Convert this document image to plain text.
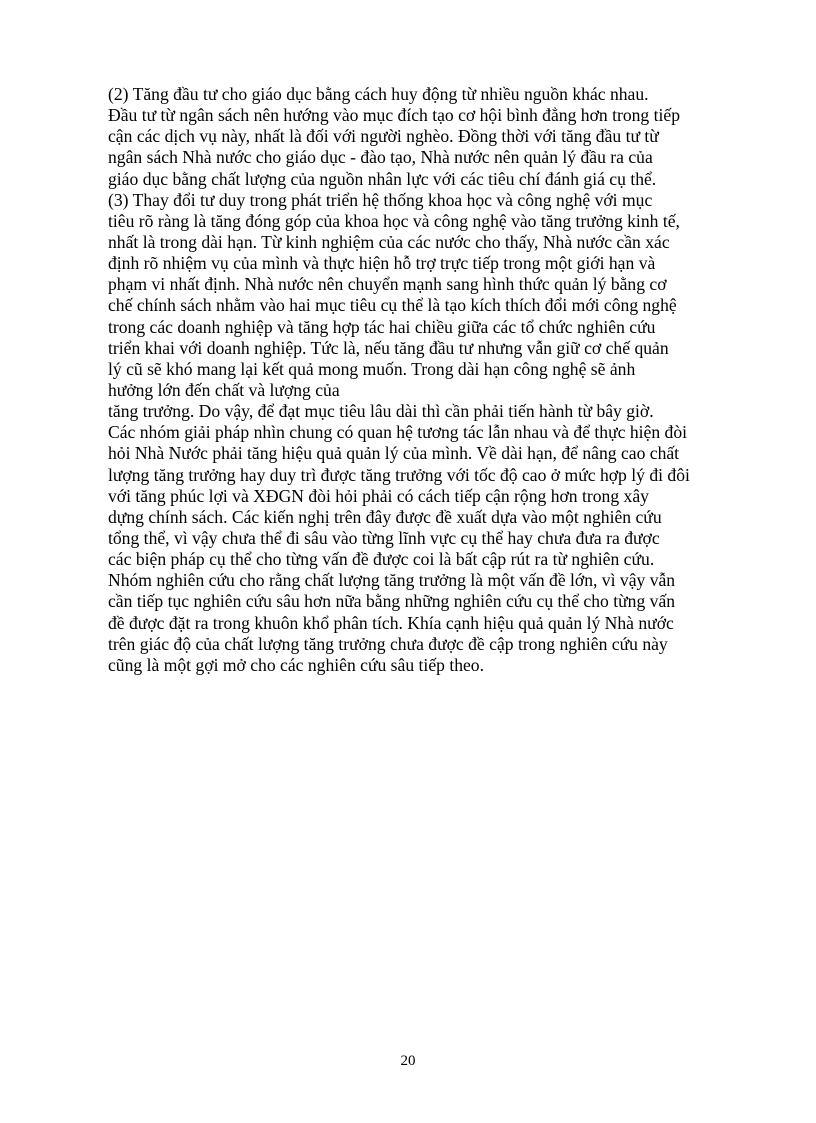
(2) Tăng đầu tư cho giáo dục bằng cách huy động từ nhiều nguồn khác nhau.
Đầu tư từ ngân sách nên hướng vào mục đích tạo cơ hội bình đẳng hơn trong tiếp
cận các dịch vụ này, nhất là đối với người nghèo. Đồng thời với tăng đầu tư từ
ngân sách Nhà nước cho giáo dục - đào tạo, Nhà nước nên quản lý đầu ra của
giáo dục bằng chất lượng của nguồn nhân lực với các tiêu chí đánh giá cụ thể.
(3) Thay đổi tư duy trong phát triển hệ thống khoa học và công nghệ với mục
tiêu rõ ràng là tăng đóng góp của khoa học và công nghệ vào tăng trưởng kinh tế,
nhất là trong dài hạn. Từ kinh nghiệm của các nước cho thấy, Nhà nước cần xác
định rõ nhiệm vụ của mình và thực hiện hỗ trợ trực tiếp trong một giới hạn và
phạm vi nhất định. Nhà nước nên chuyển mạnh sang hình thức quản lý bằng cơ
chế chính sách nhằm vào hai mục tiêu cụ thể là tạo kích thích đổi mới công nghệ
trong các doanh nghiệp và tăng hợp tác hai chiều giữa các tổ chức nghiên cứu
triển khai với doanh nghiệp. Tức là, nếu tăng đầu tư nhưng vẫn giữ cơ chế quản
lý cũ sẽ khó mang lại kết quả mong muốn. Trong dài hạn công nghệ sẽ ảnh
hưởng lớn đến chất và lượng của
tăng trưởng. Do vậy, để đạt mục tiêu lâu dài thì cần phải tiến hành từ bây giờ.
Các nhóm giải pháp nhìn chung có quan hệ tương tác lẫn nhau và để thực hiện đòi
hỏi Nhà Nước phải tăng hiệu quả quản lý của mình. Về dài hạn, để nâng cao chất
lượng tăng trưởng hay duy trì được tăng trưởng với tốc độ cao ở mức hợp lý đi đôi
với tăng phúc lợi và XĐGN đòi hỏi phải có cách tiếp cận rộng hơn trong xây
dựng chính sách. Các kiến nghị trên đây được đề xuất dựa vào một nghiên cứu
tổng thể, vì vậy chưa thể đi sâu vào từng lĩnh vực cụ thể hay chưa đưa ra được
các biện pháp cụ thể cho từng vấn đề được coi là bất cập rút ra từ nghiên cứu.
Nhóm nghiên cứu cho rằng chất lượng tăng trưởng là một vấn đề lớn, vì vậy vẫn
cần tiếp tục nghiên cứu sâu hơn nữa bằng những nghiên cứu cụ thể cho từng vấn
đề được đặt ra trong khuôn khổ phân tích. Khía cạnh hiệu quả quản lý Nhà nước
trên giác độ của chất lượng tăng trưởng chưa được đề cập trong nghiên cứu này
cũng là một gợi mở cho các nghiên cứu sâu tiếp theo.
20
